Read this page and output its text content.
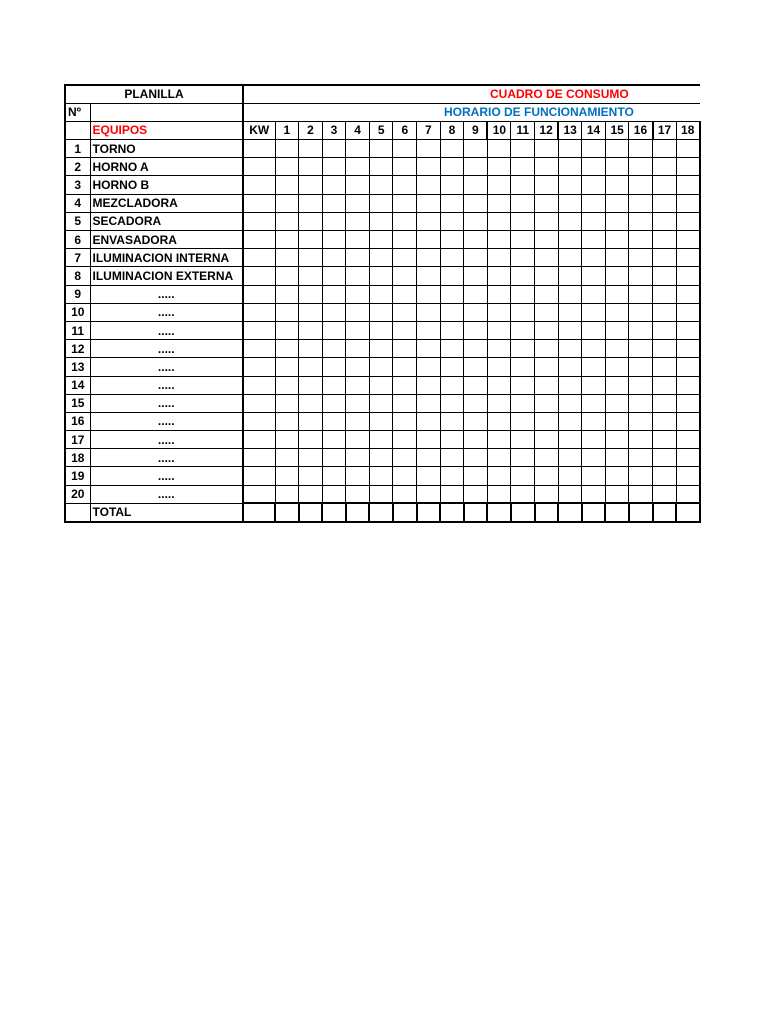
PLANILLA		CUADRO DE CONSUMO																		

Nº		HORARIO DE FUNCIONAMIENTO																		

	EQUIPOS	KW	1	2	3	4	5	6	7	8	9	10	11	12	13	14	15	16	17	18
1	TORNO																			
2	HORNO A																			
3	HORNO B																			
4	MEZCLADORA																			
5	SECADORA																			
6	ENVASADORA																			
7	ILUMINACION INTERNA																			
8	ILUMINACION EXTERNA																			
9	.....																			
10	.....																			
11	.....																			
12	.....																			
13	.....																			
14	.....																			
15	.....																			
16	.....																			
17	.....																			
18	.....																			
19	.....																			
20	.....																			
	TOTAL																			
